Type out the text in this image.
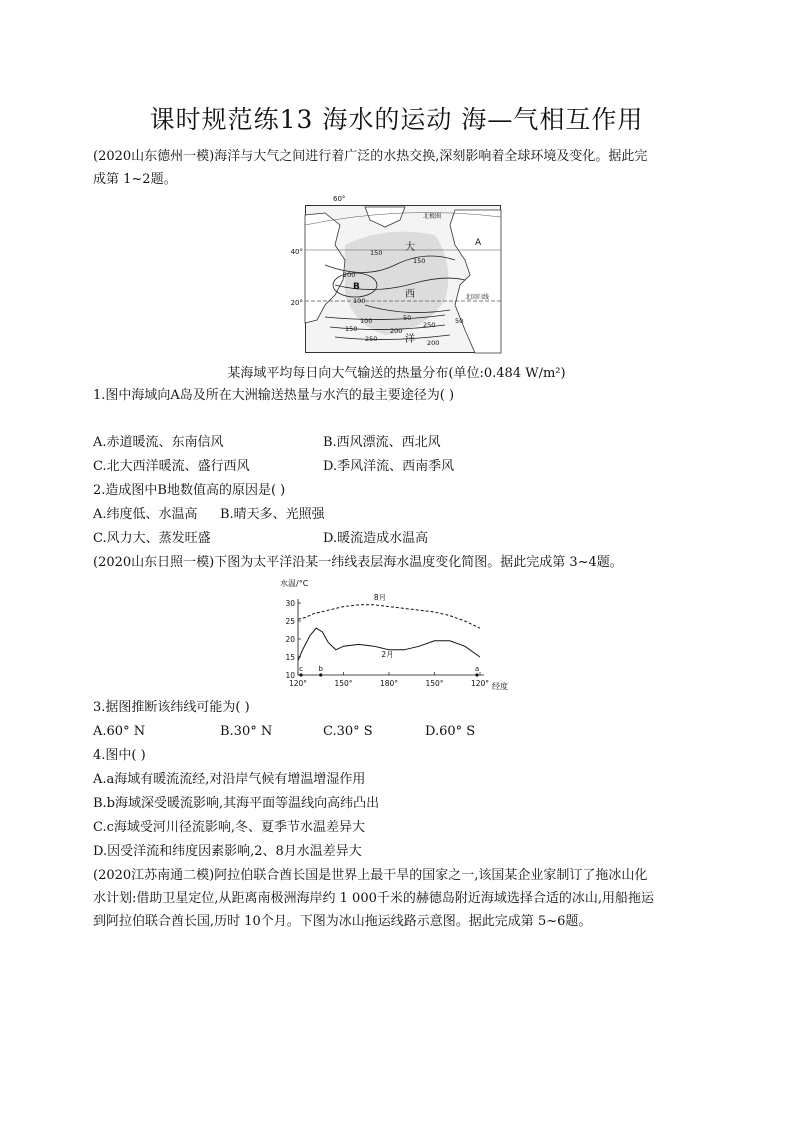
课时规范练13 海水的运动 海—气相互作用
(2020山东德州一模)海洋与大气之间进行着广泛的水热交换,深刻影响着全球环境及变化。据此完
成第 1~2题。
60°
40°
20°
北极圈
北回归线
大
西
洋
A
B
150
150
200
100
50
100
150	200
250
250
200
50
某海域平均每日向大气输送的热量分布(单位:0.484 W/m²)
1.图中海域向A岛及所在大洲输送热量与水汽的最主要途径为( )
A.赤道暖流、东南信风	B.西风漂流、西北风
C.北大西洋暖流、盛行西风	D.季风洋流、西南季风
2.造成图中B地数值高的原因是( )
A.纬度低、水温高 B.晴天多、光照强
C.风力大、蒸发旺盛	D.暖流造成水温高
(2020山东日照一模)下图为太平洋沿某一纬线表层海水温度变化简图。据此完成第 3~4题。
水温/°C
经度
30
25
20
15
10
120°	150°	180°	150°	120°
c b	a
8月
2月
3.据图推断该纬线可能为( )
A.60° N	B.30° N	C.30° S	D.60° S
4.图中( )
A.a海域有暖流流经,对沿岸气候有增温增湿作用
B.b海域深受暖流影响,其海平面等温线向高纬凸出
C.c海域受河川径流影响,冬、夏季节水温差异大
D.因受洋流和纬度因素影响,2、8月水温差异大
(2020江苏南通二模)阿拉伯联合酋长国是世界上最干旱的国家之一,该国某企业家制订了拖冰山化
水计划:借助卫星定位,从距离南极洲海岸约 1 000千米的赫德岛附近海域选择合适的冰山,用船拖运
到阿拉伯联合酋长国,历时 10个月。下图为冰山拖运线路示意图。据此完成第 5~6题。
